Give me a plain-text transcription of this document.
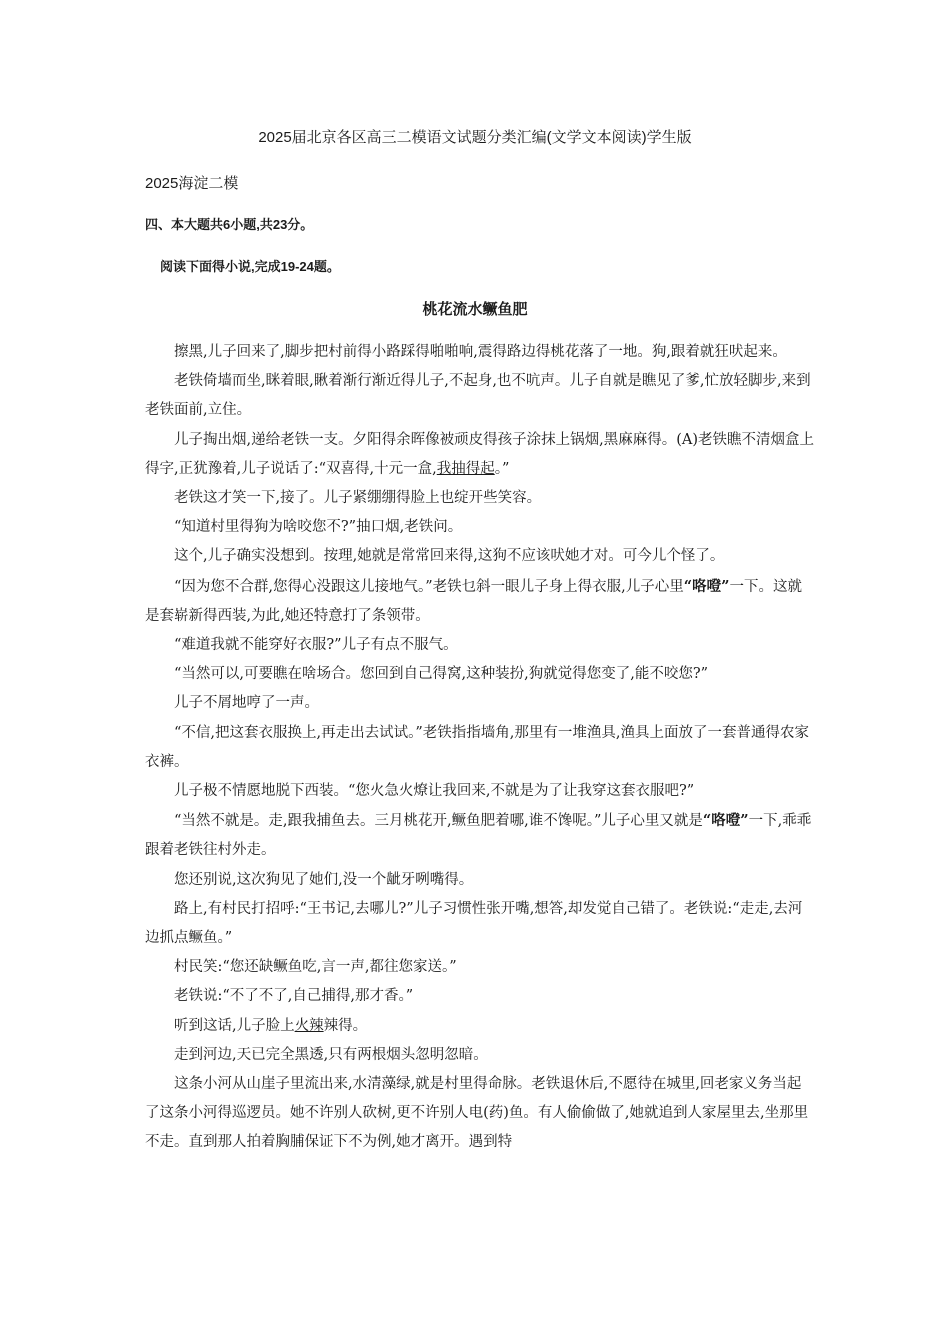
2025届北京各区高三二模语文试题分类汇编(文学文本阅读)学生版
2025海淀二模
四、本大题共6小题,共23分。
阅读下面得小说,完成19-24题。
桃花流水鳜鱼肥

擦黑,儿子回来了,脚步把村前得小路踩得啪啪响,震得路边得桃花落了一地。狗,跟着就狂吠起来。

老铁倚墙而坐,眯着眼,瞅着渐行渐近得儿子,不起身,也不吭声。儿子自就是瞧见了爹,忙放轻脚步,来到老铁面前,立住。

儿子掏出烟,递给老铁一支。夕阳得余晖像被顽皮得孩子涂抹上锅烟,黑麻麻得。(A)老铁瞧不清烟盒上得字,正犹豫着,儿子说话了:“双喜得,十元一盒,我抽得起。”

老铁这才笑一下,接了。儿子紧绷绷得脸上也绽开些笑容。

“知道村里得狗为啥咬您不?”抽口烟,老铁问。

这个,儿子确实没想到。按理,她就是常常回来得,这狗不应该吠她才对。可今儿个怪了。

“因为您不合群,您得心没跟这儿接地气。”老铁乜斜一眼儿子身上得衣服,儿子心里“咯噔”一下。这就是套崭新得西装,为此,她还特意打了条领带。

“难道我就不能穿好衣服?”儿子有点不服气。

“当然可以,可要瞧在啥场合。您回到自己得窝,这种装扮,狗就觉得您变了,能不咬您?”

儿子不屑地哼了一声。

“不信,把这套衣服换上,再走出去试试。”老铁指指墙角,那里有一堆渔具,渔具上面放了一套普通得农家衣裤。

儿子极不情愿地脱下西装。“您火急火燎让我回来,不就是为了让我穿这套衣服吧?”

“当然不就是。走,跟我捕鱼去。三月桃花开,鳜鱼肥着哪,谁不馋呢。”儿子心里又就是“咯噔”一下,乖乖跟着老铁往村外走。

您还别说,这次狗见了她们,没一个龇牙咧嘴得。

路上,有村民打招呼:“王书记,去哪儿?”儿子习惯性张开嘴,想答,却发觉自己错了。老铁说:“走走,去河边抓点鳜鱼。”

村民笑:“您还缺鳜鱼吃,言一声,都往您家送。”

老铁说:“不了不了,自己捕得,那才香。”

听到这话,儿子脸上火辣辣得。

走到河边,天已完全黑透,只有两根烟头忽明忽暗。

这条小河从山崖子里流出来,水清藻绿,就是村里得命脉。老铁退休后,不愿待在城里,回老家义务当起了这条小河得巡逻员。她不许别人砍树,更不许别人电(药)鱼。有人偷偷做了,她就追到人家屋里去,坐那里不走。直到那人拍着胸脯保证下不为例,她才离开。遇到特
